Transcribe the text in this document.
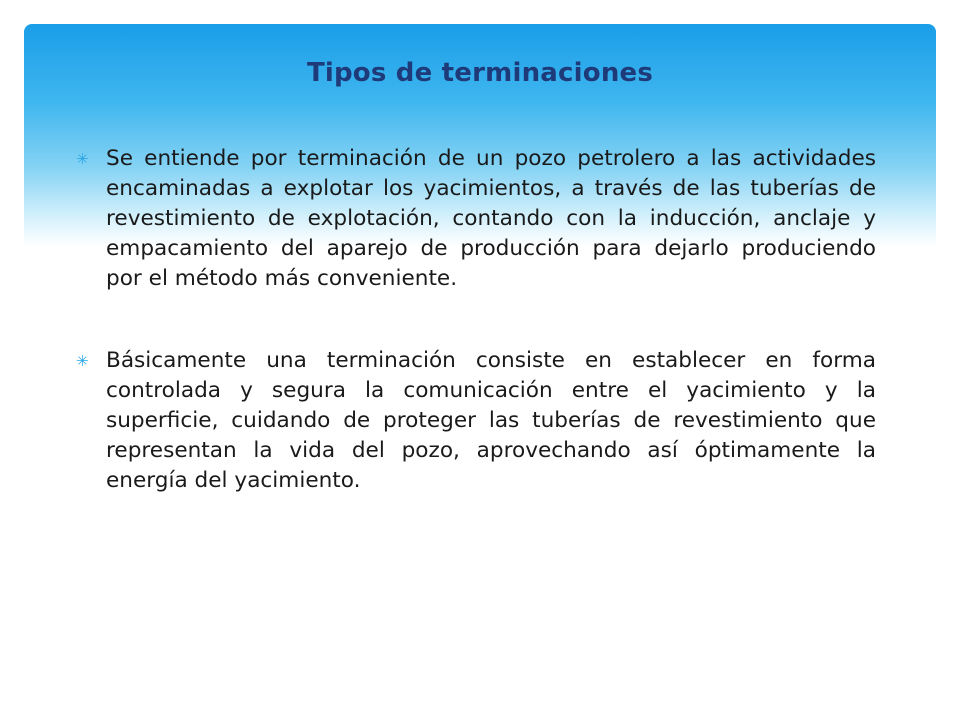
Tipos de terminaciones
✳ Se entiende por terminación de un pozo petrolero a las actividades encaminadas a explotar los yacimientos, a través de las tuberías de revestimiento de explotación, contando con la inducción, anclaje y empacamiento del aparejo de producción para dejarlo produciendo por el método más conveniente.
✳ Básicamente una terminación consiste en establecer en forma controlada y segura la comunicación entre el yacimiento y la superficie, cuidando de proteger las tuberías de revestimiento que representan la vida del pozo, aprovechando así óptimamente la energía del yacimiento.
